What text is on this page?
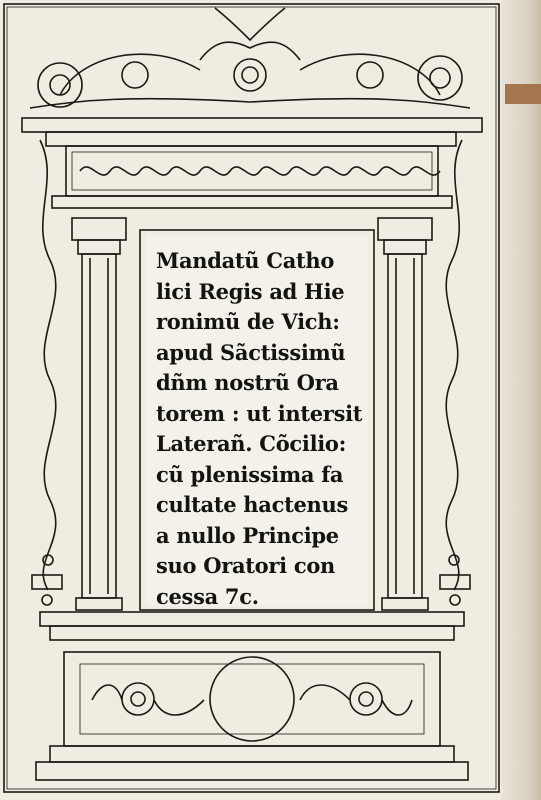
Mandatũ Catho
lici Regis ad Hie
ronimũ de Vich:
apud Sãctissimũ
dñm nostrũ Ora
torem : ut intersit
Laterañ. Cõcilio:
cũ plenissima fa
cultate hactenus
a nullo Principe
suo Oratori con
cessa 7c.
